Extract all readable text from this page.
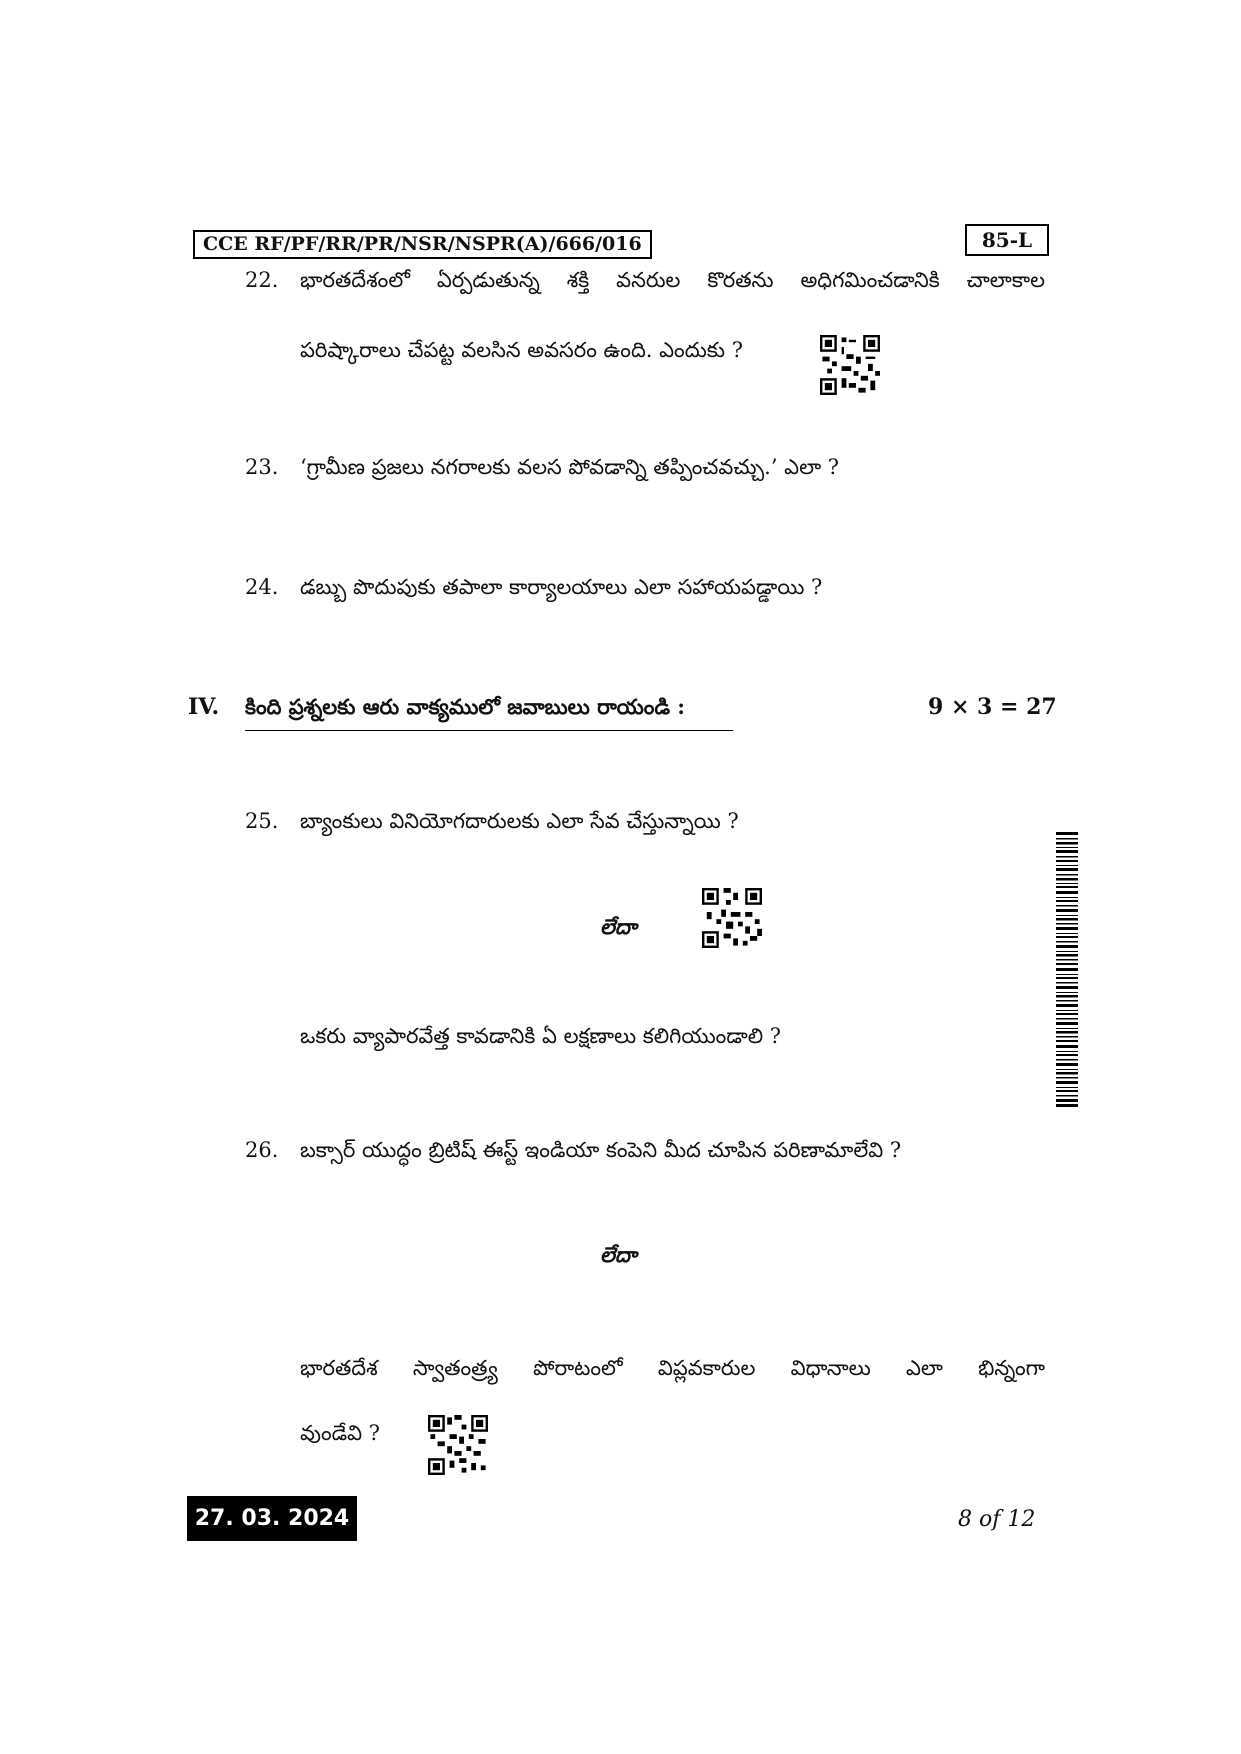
CCE RF/PF/RR/PR/NSR/NSPR(A)/666/016	85-L
22. భారతదేశంలో ఏర్పడుతున్న శక్తి వనరుల కొరతను అధిగమించడానికి చాలాకాల
పరిష్కారాలు చేపట్ట వలసిన అవసరం ఉంది. ఎందుకు ?
23. ‘గ్రామీణ ప్రజలు నగరాలకు వలస పోవడాన్ని తప్పించవచ్చు.’ ఎలా ?
24. డబ్బు పొదుపుకు తపాలా కార్యాలయాలు ఎలా సహాయపడ్డాయి ?
IV. కింది ప్రశ్నలకు ఆరు వాక్యములో జవాబులు రాయండి :	9 × 3 = 27
25. బ్యాంకులు వినియోగదారులకు ఎలా సేవ చేస్తున్నాయి ?
లేదా
ఒకరు వ్యాపారవేత్త కావడానికి ఏ లక్షణాలు కలిగియుండాలి ?
26. బక్సార్ యుద్ధం బ్రిటిష్ ఈస్ట్ ఇండియా కంపెని మీద చూపిన పరిణామాలేవి ?
లేదా
భారతదేశ స్వాతంత్ర్య పోరాటంలో విప్లవకారుల విధానాలు ఎలా భిన్నంగా
వుండేవి ?
27. 03. 2024	8 of 12
